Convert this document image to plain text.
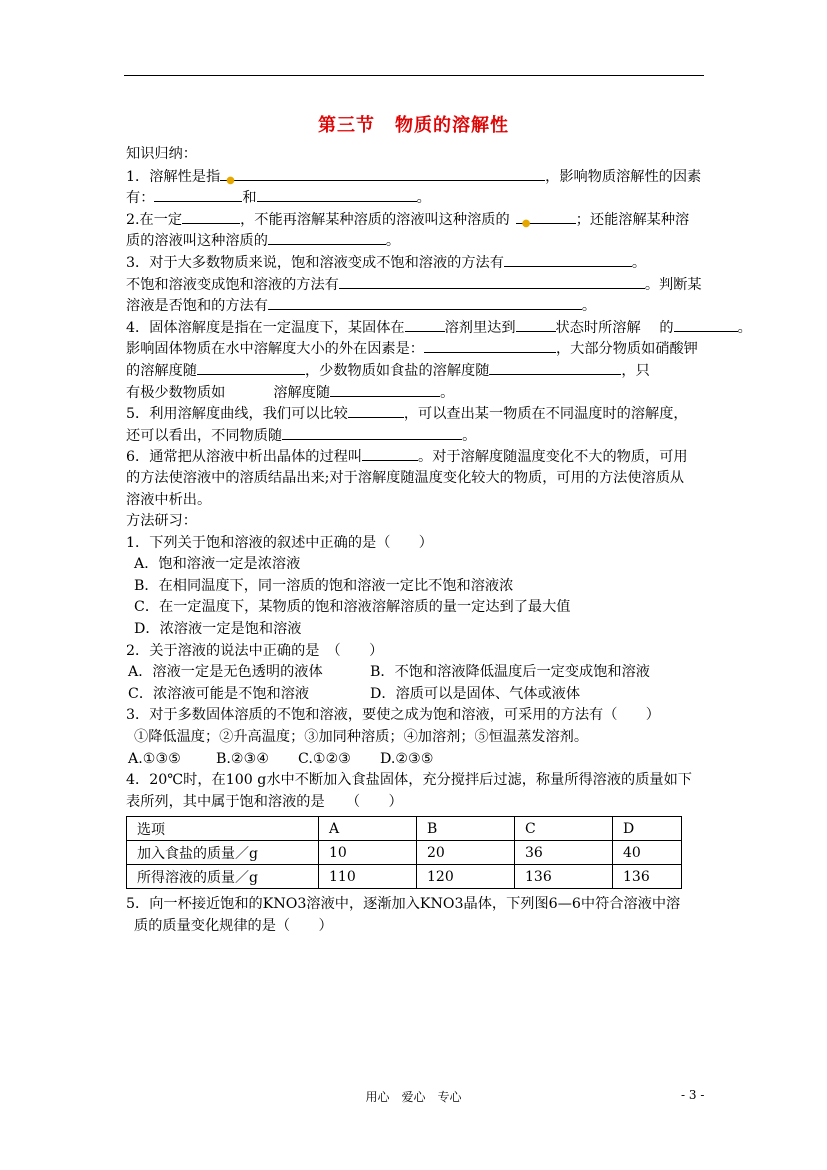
第三节 物质的溶解性
知识归纳：
1．溶解性是指 ●	，影响物质溶解性的因素
有：	和	。
2.在一定	，不能再溶解某种溶质的溶液叫这种溶质的 ●	；还能溶解某种溶
质的溶液叫这种溶质的	。
3．对于大多数物质来说，饱和溶液变成不饱和溶液的方法有	。
不饱和溶液变成饱和溶液的方法有	。判断某
溶液是否饱和的方法有	。
4．固体溶解度是指在一定温度下，某固体在	溶剂里达到	状态时所溶解　 的	。
影响固体物质在水中溶解度大小的外在因素是：	，大部分物质如硝酸钾
的溶解度随	，少数物质如食盐的溶解度随	，只
有极少数物质如	溶解度随	。
5．利用溶解度曲线，我们可以比较	，可以查出某一物质在不同温度时的溶解度，
还可以看出，不同物质随	。
6．通常把从溶液中析出晶体的过程叫	。对于溶解度随温度变化不大的物质，可用
的方法使溶液中的溶质结晶出来;对于溶解度随温度变化较大的物质，可用的方法使溶质从
溶液中析出。
方法研习：
1．下列关于饱和溶液的叙述中正确的是（　　）
A．饱和溶液一定是浓溶液
B．在相同温度下，同一溶质的饱和溶液一定比不饱和溶液浓
C．在一定温度下，某物质的饱和溶液溶解溶质的量一定达到了最大值
D．浓溶液一定是饱和溶液
2．关于溶液的说法中正确的是　（　　）
A．溶液一定是无色透明的液体	B．不饱和溶液降低温度后一定变成饱和溶液
C．浓溶液可能是不饱和溶液	D．溶质可以是固体、气体或液体
3．对于多数固体溶质的不饱和溶液，要使之成为饱和溶液，可采用的方法有（　　）
①降低温度；②升高温度；③加同种溶质；④加溶剂；⑤恒温蒸发溶剂。
A.①③⑤ B.②③④ C.①②③ D.②③⑤
4．20℃时，在100 g水中不断加入食盐固体，充分搅拌后过滤，称量所得溶液的质量如下
表所列，其中属于饱和溶液的是　　（　　）
选项	A	B	C	D
加入食盐的质量／g	10	20	36	40
所得溶液的质量／g	110	120	136	136
5．向一杯接近饱和的KNO3溶液中，逐渐加入KNO3晶体，下列图6—6中符合溶液中溶
质的质量变化规律的是（　　）
用心　爱心　专心	- 3 -
